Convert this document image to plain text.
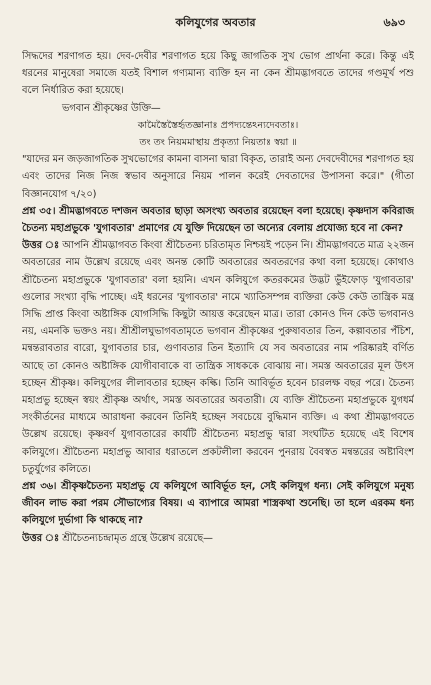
কলিযুগের অবতার	৬৯৩

সিদ্ধদের শরণাগত হয়। দেব-দেবীর শরণাগত হয়ে কিছু জাগতিক সুখ ভোগ প্রার্থনা করে। কিন্তু এই ধরনের মানুষেরা সমাজে যতই বিশাল গণ্যমান্য ব্যক্তি হন না কেন শ্রীমদ্ভাগবতে তাদের গণ্ডমূর্খ পশু বলে নির্ধারিত করা হয়েছে।

ভগবান শ্রীকৃষ্ণের উক্তি—

কামৈস্তৈস্তৈর্হৃতজ্ঞানাঃ প্রপদ্যন্তেঽন্যদেবতাঃ।

তং তং নিয়মমাস্থায় প্রকৃত্যা নিয়তাঃ স্বয়া ॥

"যাদের মন জড়জাগতিক সুখভোগের কামনা বাসনা দ্বারা বিকৃত, তারাই অন্য দেবদেবীদের শরণাগত হয় এবং তাদের নিজ নিজ স্বভাব অনুসারে নিয়ম পালন করেই দেবতাদের উপাসনা করে।" (গীতা বিজ্ঞানযোগ ৭/২০)

প্রশ্ন ৩৫। শ্রীমদ্ভাগবতে দশজন অবতার ছাড়া অসংখ্য অবতার রয়েছেন বলা হয়েছে। কৃষ্ণদাস কবিরাজ চৈতন্য মহাপ্রভুকে 'যুগাবতার' প্রমাণের যে যুক্তি দিয়েছেন তা অন্যের বেলায় প্রযোজ্য হবে না কেন?

উত্তর ঃ আপনি শ্রীমদ্ভাগবত কিংবা শ্রীচৈতন্য চরিতামৃত নিশ্চয়ই পড়েন নি। শ্রীমদ্ভাগবতে মাত্র ২২জন অবতারের নাম উল্লেখ রয়েছে এবং অনন্ত কোটি অবতারের অবতরণের কথা বলা হয়েছে। কোথাও শ্রীচৈতন্য মহাপ্রভুকে 'যুগাবতার' বলা হয়নি। এখন কলিযুগে কতরকমের উদ্ভট ভুঁইফোড় 'যুগাবতার' গুলোর সংখ্যা বৃদ্ধি পাচ্ছে। এই ধরনের 'যুগাবতার' নামে খ্যাতিসম্পন্ন ব্যক্তিরা কেউ কেউ তান্ত্রিক মন্ত্র সিদ্ধি প্রাপ্ত কিংবা অষ্টাঙ্গিক যোগসিদ্ধি কিছুটা আয়ত্ত করেছেন মাত্র। তারা কোনও দিন কেউ ভগবানও নয়, এমনকি ভক্তও নয়। শ্রীশ্রীলঘুভাগবতামৃতে ভগবান শ্রীকৃষ্ণের পুরুষাবতার তিন, কল্পাবতার পঁচিশ, মন্বন্তরাবতার বারো, যুগাবতার চার, গুণাবতার তিন ইত্যাদি যে সব অবতারের নাম পরিষ্কারই বর্ণিত আছে তা কোনও অষ্টাঙ্গিক যোগীবাবাকে বা তান্ত্রিক সাধককে বোঝায় না। সমস্ত অবতারের মূল উৎস হচ্ছেন শ্রীকৃষ্ণ। কলিযুগের লীলাবতার হচ্ছেন কল্কি। তিনি আবির্ভূত হবেন চারলক্ষ বছর পরে। চৈতন্য মহাপ্রভু হচ্ছেন স্বয়ং শ্রীকৃষ্ণ অর্থাৎ, সমস্ত অবতারের অবতারী। যে ব্যক্তি শ্রীচৈতন্য মহাপ্রভুকে যুগধর্ম সংকীর্তনের মাধ্যমে আরাধনা করবেন তিনিই হচ্ছেন সবচেয়ে বুদ্ধিমান ব্যক্তি। এ কথা শ্রীমদ্ভাগবতে উল্লেখ রয়েছে। কৃষ্ণবর্ণ যুগাবতারের কার্যটি শ্রীচৈতন্য মহাপ্রভু দ্বারা সংঘটিত হয়েছে এই বিশেষ কলিযুগে। শ্রীচৈতন্য মহাপ্রভু আবার ধরাতলে প্রকটলীলা করবেন পুনরায় বৈবস্বত মন্বন্তরের অষ্টাবিংশ চতুর্যুগের কলিতে।

প্রশ্ন ৩৬। শ্রীকৃষ্ণচৈতন্য মহাপ্রভু যে কলিযুগে আবির্ভূত হন, সেই কলিযুগ ধন্য। সেই কলিযুগে মনুষ্য জীবন লাভ করা পরম সৌভাগ্যের বিষয়। এ ব্যাপারে আমরা শাস্ত্রকথা শুনেছি। তা হলে এরকম ধন্য কলিযুগে দুর্ভাগা কি থাকছে না?

উত্তর ঃ শ্রীচৈতন্যচন্দ্রামৃত গ্রন্থে উল্লেখ রয়েছে—
